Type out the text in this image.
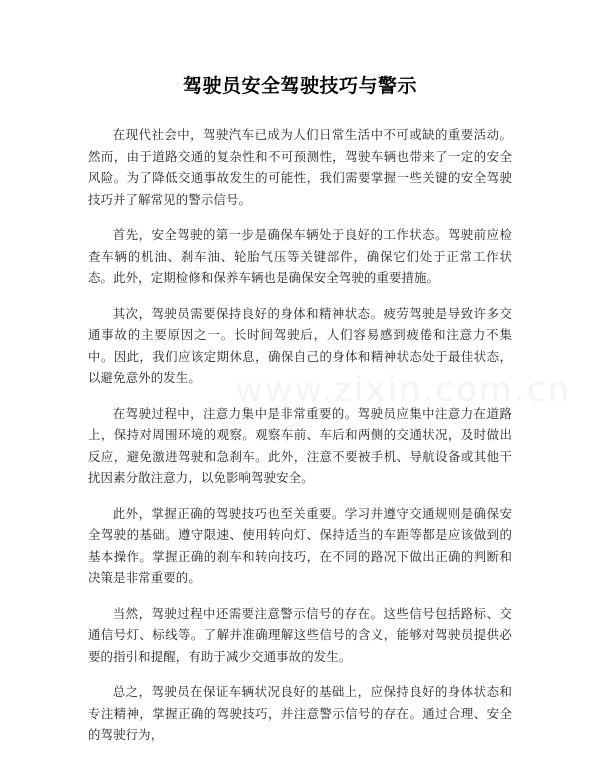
驾驶员安全驾驶技巧与警示

在现代社会中，驾驶汽车已成为人们日常生活中不可或缺的重要活动。然而，由于道路交通的复杂性和不可预测性，驾驶车辆也带来了一定的安全风险。为了降低交通事故发生的可能性，我们需要掌握一些关键的安全驾驶技巧并了解常见的警示信号。

首先，安全驾驶的第一步是确保车辆处于良好的工作状态。驾驶前应检查车辆的机油、刹车油、轮胎气压等关键部件，确保它们处于正常工作状态。此外，定期检修和保养车辆也是确保安全驾驶的重要措施。

其次，驾驶员需要保持良好的身体和精神状态。疲劳驾驶是导致许多交通事故的主要原因之一。长时间驾驶后，人们容易感到疲倦和注意力不集中。因此，我们应该定期休息，确保自己的身体和精神状态处于最佳状态，以避免意外的发生。

在驾驶过程中，注意力集中是非常重要的。驾驶员应集中注意力在道路上，保持对周围环境的观察。观察车前、车后和两侧的交通状况，及时做出反应，避免激进驾驶和急刹车。此外，注意不要被手机、导航设备或其他干扰因素分散注意力，以免影响驾驶安全。

此外，掌握正确的驾驶技巧也至关重要。学习并遵守交通规则是确保安全驾驶的基础。遵守限速、使用转向灯、保持适当的车距等都是应该做到的基本操作。掌握正确的刹车和转向技巧，在不同的路况下做出正确的判断和决策是非常重要的。

当然，驾驶过程中还需要注意警示信号的存在。这些信号包括路标、交通信号灯、标线等。了解并准确理解这些信号的含义，能够对驾驶员提供必要的指引和提醒，有助于减少交通事故的发生。

总之，驾驶员在保证车辆状况良好的基础上，应保持良好的身体状态和专注精神，掌握正确的驾驶技巧，并注意警示信号的存在。通过合理、安全的驾驶行为，

www.zixin.com.cn
